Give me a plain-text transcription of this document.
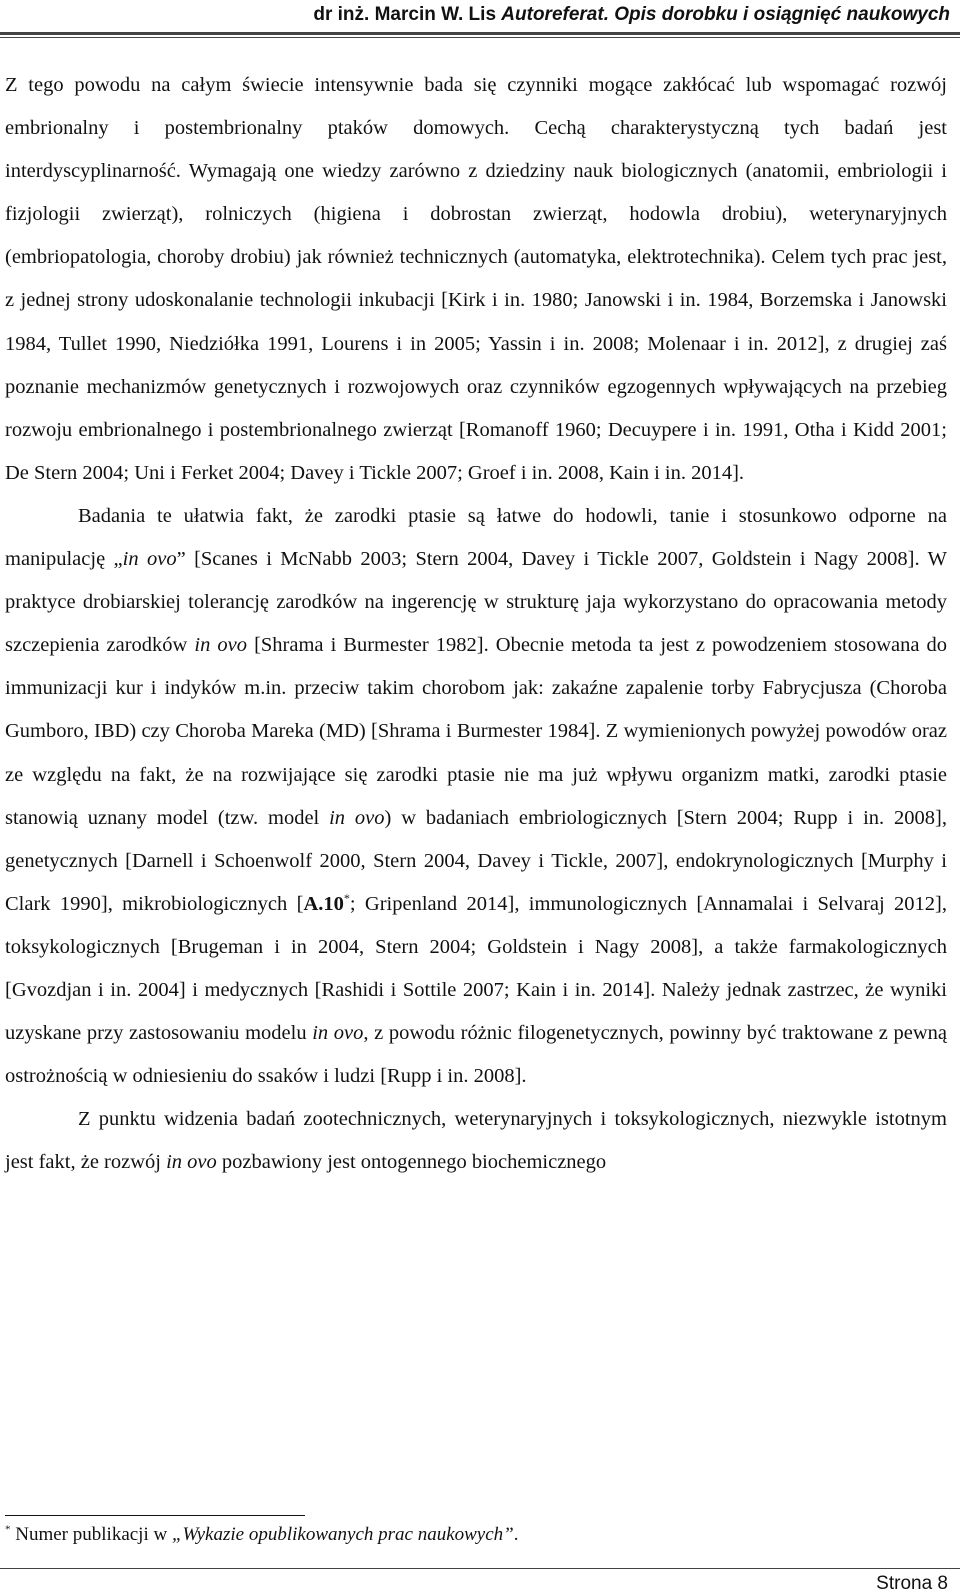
dr inż. Marcin W. Lis Autoreferat. Opis dorobku i osiągnięć naukowych

Z tego powodu na całym świecie intensywnie bada się czynniki mogące zakłócać lub wspomagać rozwój embrionalny i postembrionalny ptaków domowych. Cechą charakterystyczną tych badań jest interdyscyplinarność. Wymagają one wiedzy zarówno z dziedziny nauk biologicznych (anatomii, embriologii i fizjologii zwierząt), rolniczych (higiena i dobrostan zwierząt, hodowla drobiu), weterynaryjnych (embriopatologia, choroby drobiu) jak również technicznych (automatyka, elektrotechnika). Celem tych prac jest, z jednej strony udoskonalanie technologii inkubacji [Kirk i in. 1980; Janowski i in. 1984, Borzemska i Janowski 1984, Tullet 1990, Niedziółka 1991, Lourens i in 2005; Yassin i in. 2008; Molenaar i in. 2012], z drugiej zaś poznanie mechanizmów genetycznych i rozwojowych oraz czynników egzogennych wpływających na przebieg rozwoju embrionalnego i postembrionalnego zwierząt [Romanoff 1960; Decuypere i in. 1991, Otha i Kidd 2001; De Stern 2004; Uni i Ferket 2004; Davey i Tickle 2007; Groef i in. 2008, Kain i in. 2014].

Badania te ułatwia fakt, że zarodki ptasie są łatwe do hodowli, tanie i stosunkowo odporne na manipulację „in ovo” [Scanes i McNabb 2003; Stern 2004, Davey i Tickle 2007, Goldstein i Nagy 2008]. W praktyce drobiarskiej tolerancję zarodków na ingerencję w strukturę jaja wykorzystano do opracowania metody szczepienia zarodków in ovo [Shrama i Burmester 1982]. Obecnie metoda ta jest z powodzeniem stosowana do immunizacji kur i indyków m.in. przeciw takim chorobom jak: zakaźne zapalenie torby Fabrycjusza (Choroba Gumboro, IBD) czy Choroba Mareka (MD) [Shrama i Burmester 1984]. Z wymienionych powyżej powodów oraz ze względu na fakt, że na rozwijające się zarodki ptasie nie ma już wpływu organizm matki, zarodki ptasie stanowią uznany model (tzw. model in ovo) w badaniach embriologicznych [Stern 2004; Rupp i in. 2008], genetycznych [Darnell i Schoenwolf 2000, Stern 2004, Davey i Tickle, 2007], endokrynologicznych [Murphy i Clark 1990], mikrobiologicznych [A.10*; Gripenland 2014], immunologicznych [Annamalai i Selvaraj 2012], toksykologicznych [Brugeman i in 2004, Stern 2004; Goldstein i Nagy 2008], a także farmakologicznych [Gvozdjan i in. 2004] i medycznych [Rashidi i Sottile 2007; Kain i in. 2014]. Należy jednak zastrzec, że wyniki uzyskane przy zastosowaniu modelu in ovo, z powodu różnic filogenetycznych, powinny być traktowane z pewną ostrożnością w odniesieniu do ssaków i ludzi [Rupp i in. 2008].

Z punktu widzenia badań zootechnicznych, weterynaryjnych i toksykologicznych, niezwykle istotnym jest fakt, że rozwój in ovo pozbawiony jest ontogennego biochemicznego

* Numer publikacji w „Wykazie opublikowanych prac naukowych”.
Strona 8
